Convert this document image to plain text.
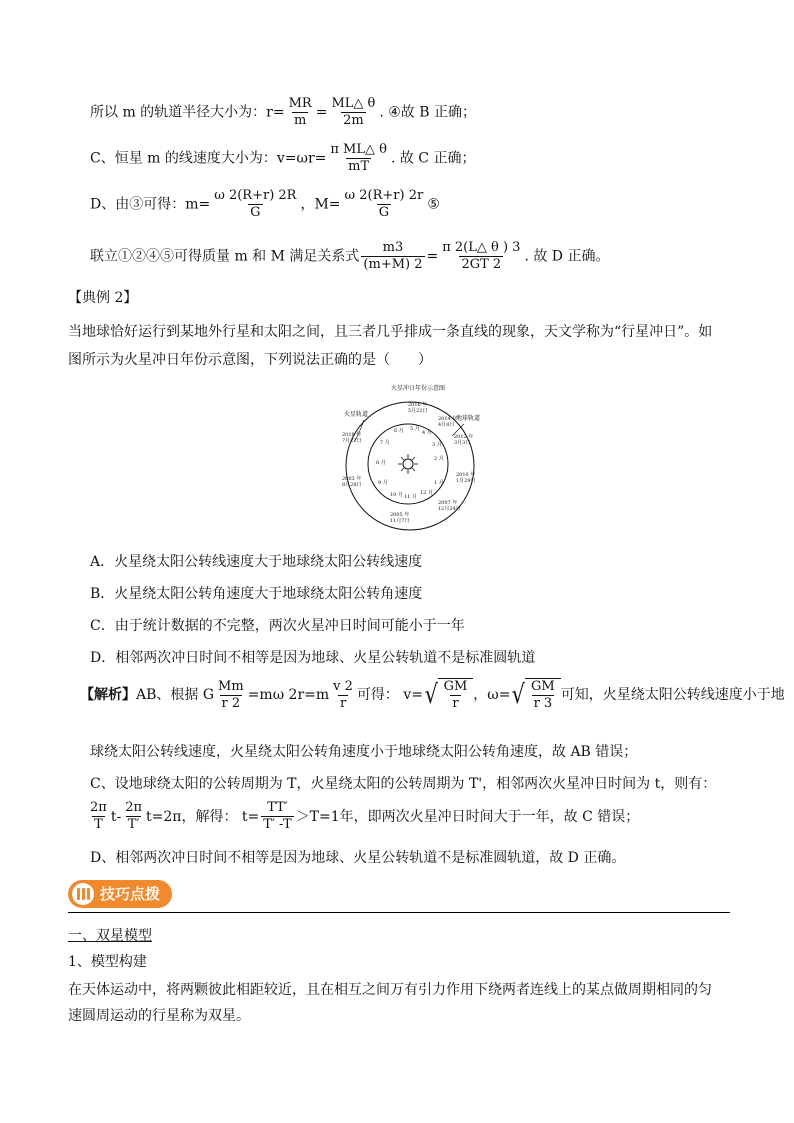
所以 m 的轨道半径大小为：$r= \frac{MR}{m} = \frac{ML\triangle \theta}{2m}$ . ④故 B 正确；
C、恒星 m 的线速度大小为：$v=\omega r= \frac{\text{π ML△ θ}}{mT}$ . 故 C 正确；
D、由③可得：$m= \frac{\omega 2(R+r) 2R}{G}$ ，$M= \frac{\omega 2(R+r) 2r}{G}$ ⑤
联立①②④⑤可得质量 m 和 M 满足关系式 $\frac{m3}{(m+M) 2} = \frac{\pi 2(L\triangle \theta ) 3}{2GT 2}$ . 故 D 正确。
【典例 2】
当地球恰好运行到某地外行星和太阳之间，且三者几乎排成一条直线的现象，天文学称为“行星冲日”。如
图所示为火星冲日年份示意图，下列说法正确的是（　　）
火星冲日年份示意图
火星轨道
地球轨道
2016 年 5月22日
2014 年 4月8日
2012 年 3月3日
2010 年 1月29日
2007 年 12月24日
2005 年 11月7日
2003 年 8月28日
2018 年 7月27日
1 月
2 月
3 月
4 月
5 月
6 月
7 月
8 月
9 月
10 月 11 月
12 月
A．火星绕太阳公转线速度大于地球绕太阳公转线速度
B．火星绕太阳公转角速度大于地球绕太阳公转角速度
C．由于统计数据的不完整，两次火星冲日时间可能小于一年
D．相邻两次冲日时间不相等是因为地球、火星公转轨道不是标准圆轨道
【解析】 AB、根据 G $\frac{Mm}{r 2} =m\omega$ $2r=m \frac{v 2}{r}$ 可得： v= √ $\frac{GM}{r}$ ，ω= √ $\frac{GM}{r 3}$ 可知，火星绕太阳公转线速度小于地
球绕太阳公转线速度，火星绕太阳公转角速度小于地球绕太阳公转角速度，故 AB 错误；
C、设地球绕太阳的公转周期为 T，火星绕太阳的公转周期为 T'，相邻两次火星冲日时间为 t，则有：
$\frac{2\pi}{T} t- \frac{2\pi}{T'} t=2\pi$，解得： $t= \frac{TT'}{T' -T} >T=1$年，即两次火星冲日时间大于一年，故 C 错误；
D、相邻两次冲日时间不相等是因为地球、火星公转轨道不是标准圆轨道，故 D 正确。
技巧点拨
一、双星模型
1、模型构建
在天体运动中，将两颗彼此相距较近，且在相互之间万有引力作用下绕两者连线上的某点做周期相同的匀
速圆周运动的行星称为双星。
